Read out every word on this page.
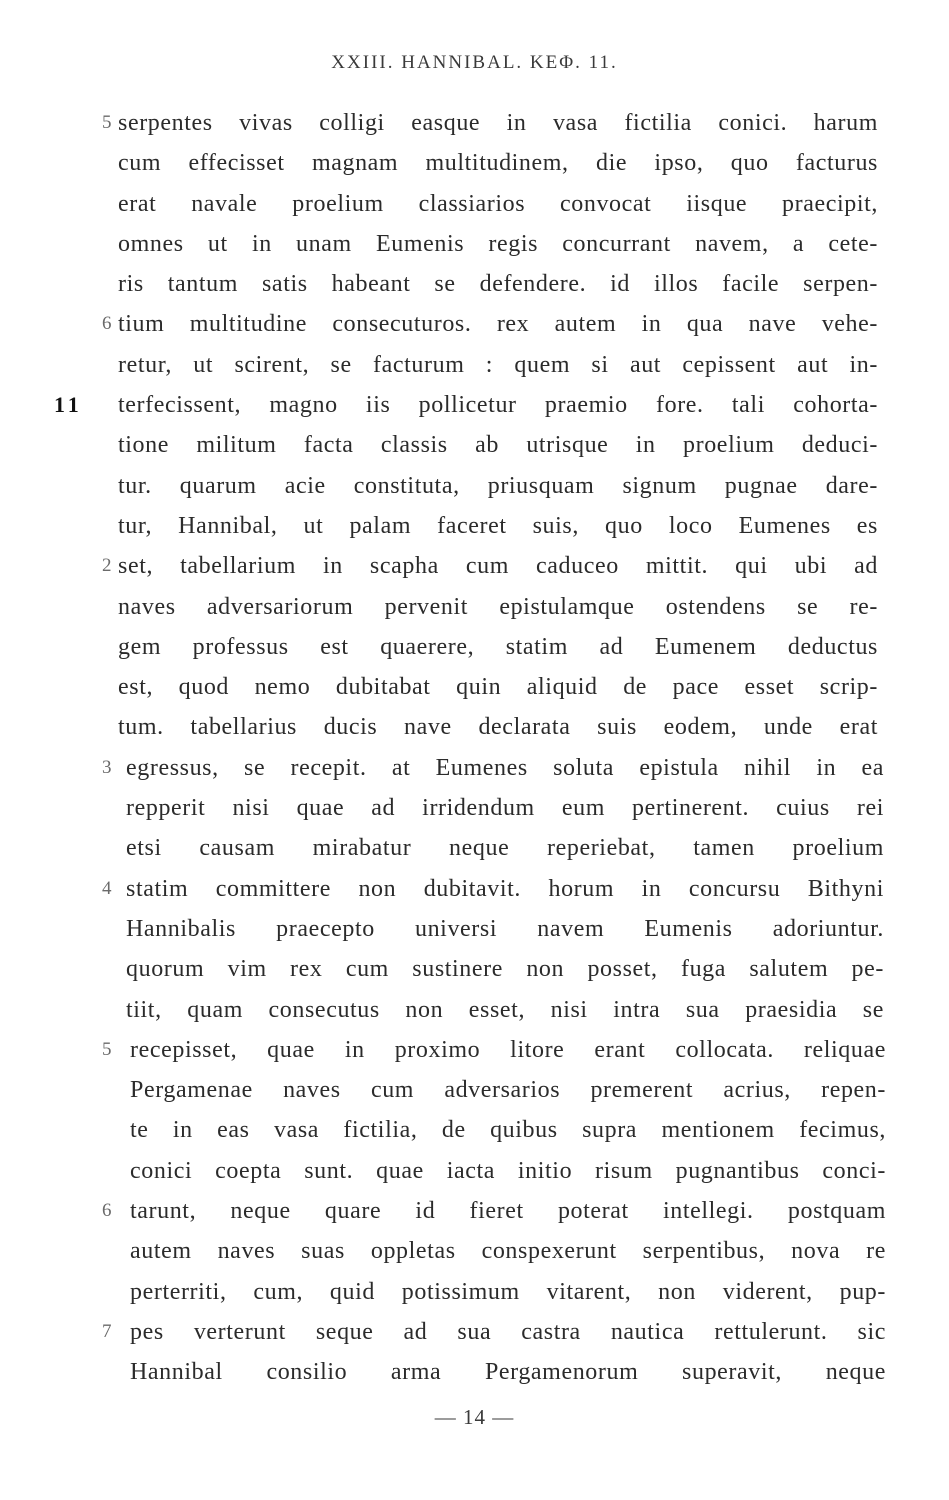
XXIII. HANNIBAL. ΚΕΦ. 11.
5 serpentes vivas colligi easque in vasa fictilia conici. harum
cum effecisset magnam multitudinem, die ipso, quo facturus
erat navale proelium classiarios convocat iisque praecipit,
omnes ut in unam Eumenis regis concurrant navem, a cete-
ris tantum satis habeant se defendere. id illos facile serpen-
6 tium multitudine consecuturos. rex autem in qua nave vehe-
retur, ut scirent, se facturum : quem si aut cepissent aut in-
11 terfecissent, magno iis pollicetur praemio fore. tali cohorta-
tione militum facta classis ab utrisque in proelium deduci-
tur. quarum acie constituta, priusquam signum pugnae dare-
tur, Hannibal, ut palam faceret suis, quo loco Eumenes es
2 set, tabellarium in scapha cum caduceo mittit. qui ubi ad
naves adversariorum pervenit epistulamque ostendens se re-
gem professus est quaerere, statim ad Eumenem deductus
est, quod nemo dubitabat quin aliquid de pace esset scrip-
tum. tabellarius ducis nave declarata suis eodem, unde erat
3 egressus, se recepit. at Eumenes soluta epistula nihil in ea
repperit nisi quae ad irridendum eum pertinerent. cuius rei
etsi causam mirabatur neque reperiebat, tamen proelium
4 statim committere non dubitavit. horum in concursu Bithyni
Hannibalis praecepto universi navem Eumenis adoriuntur.
quorum vim rex cum sustinere non posset, fuga salutem pe-
tiit, quam consecutus non esset, nisi intra sua praesidia se
5 recepisset, quae in proximo litore erant collocata. reliquae
Pergamenae naves cum adversarios premerent acrius, repen-
te in eas vasa fictilia, de quibus supra mentionem fecimus,
conici coepta sunt. quae iacta initio risum pugnantibus conci-
6 tarunt, neque quare id fieret poterat intellegi. postquam
autem naves suas oppletas conspexerunt serpentibus, nova re
perterriti, cum, quid potissimum vitarent, non viderent, pup-
7 pes verterunt seque ad sua castra nautica rettulerunt. sic
Hannibal consilio arma Pergamenorum superavit, neque
— 14 —
